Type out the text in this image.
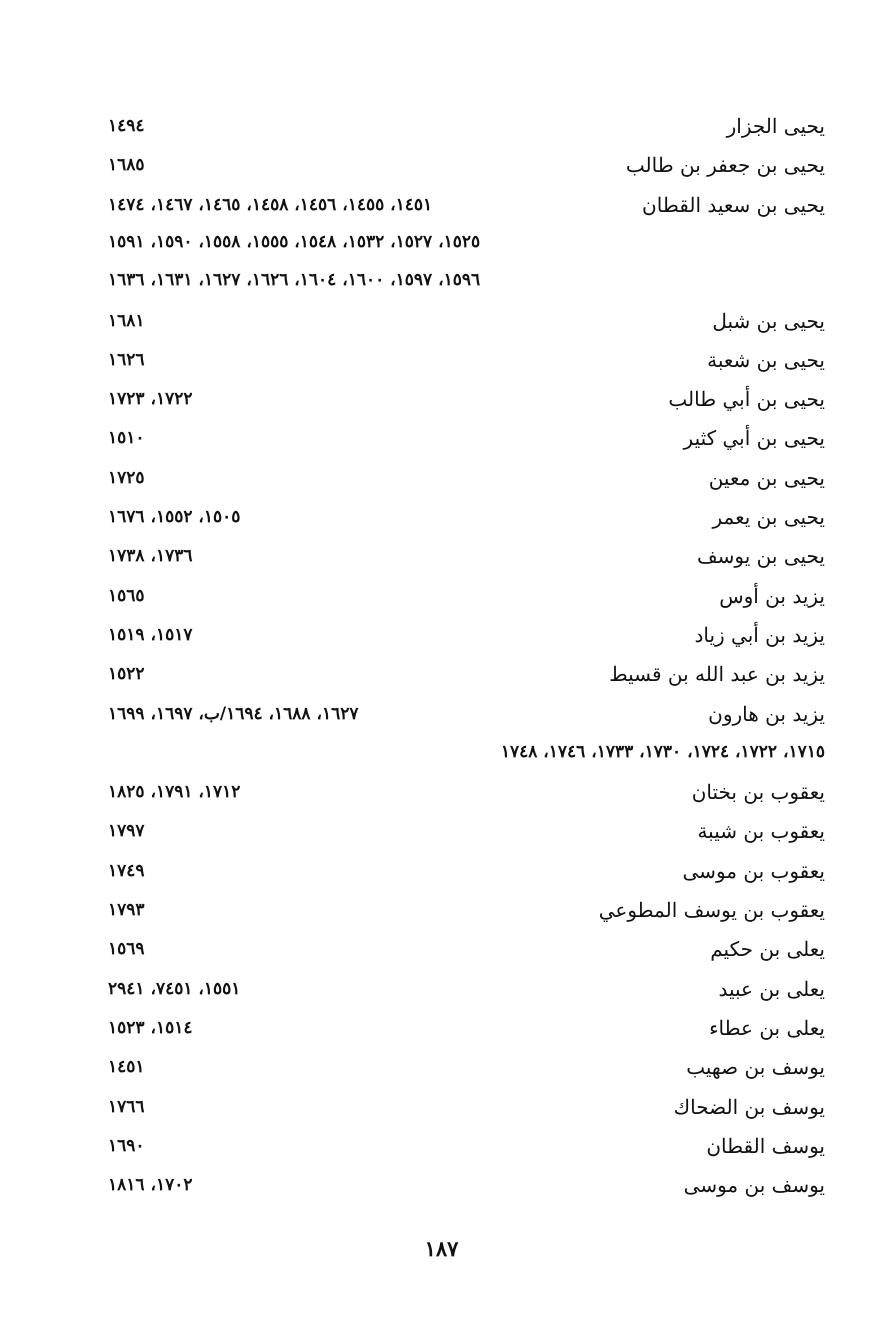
يحيى الجزار
١٤٩٤
يحيى بن جعفر بن طالب
١٦٨٥
يحيى بن سعيد القطان
١٤٥١، ١٤٥٥، ١٤٥٦، ١٤٥٨، ١٤٦٥، ١٤٦٧، ١٤٧٤
١٥٢٥، ١٥٢٧، ١٥٣٢، ١٥٤٨، ١٥٥٥، ١٥٥٨، ١٥٩٠، ١٥٩١
١٥٩٦، ١٥٩٧، ١٦٠٠، ١٦٠٤، ١٦٢٦، ١٦٢٧، ١٦٣١، ١٦٣٦
يحيى بن شبل
١٦٨١
يحيى بن شعبة
١٦٢٦
يحيى بن أبي طالب
١٧٢٢، ١٧٢٣
يحيى بن أبي كثير
١٥١٠
يحيى بن معين
١٧٢٥
يحيى بن يعمر
١٥٠٥، ١٥٥٢، ١٦٧٦
يحيى بن يوسف
١٧٣٦، ١٧٣٨
يزيد بن أوس
١٥٦٥
يزيد بن أبي زياد
١٥١٧، ١٥١٩
يزيد بن عبد الله بن قسيط
١٥٢٢
يزيد بن هارون
١٦٢٧، ١٦٨٨، ١٦٩٤/ب، ١٦٩٧، ١٦٩٩
١٧١٥، ١٧٢٢، ١٧٢٤، ١٧٣٠، ١٧٣٣، ١٧٤٦، ١٧٤٨
يعقوب بن بختان
١٧١٢، ١٧٩١، ١٨٢٥
يعقوب بن شيبة
١٧٩٧
يعقوب بن موسى
١٧٤٩
يعقوب بن يوسف المطوعي
١٧٩٣
يعلى بن حكيم
١٥٦٩
يعلى بن عبيد
١٥٥١، ٧٤٥١، ٢٩٤١
يعلى بن عطاء
١٥١٤، ١٥٢٣
يوسف بن صهيب
١٤٥١
يوسف بن الضحاك
١٧٦٦
يوسف القطان
١٦٩٠
يوسف بن موسى
١٧٠٢، ١٨١٦
١٨٧
